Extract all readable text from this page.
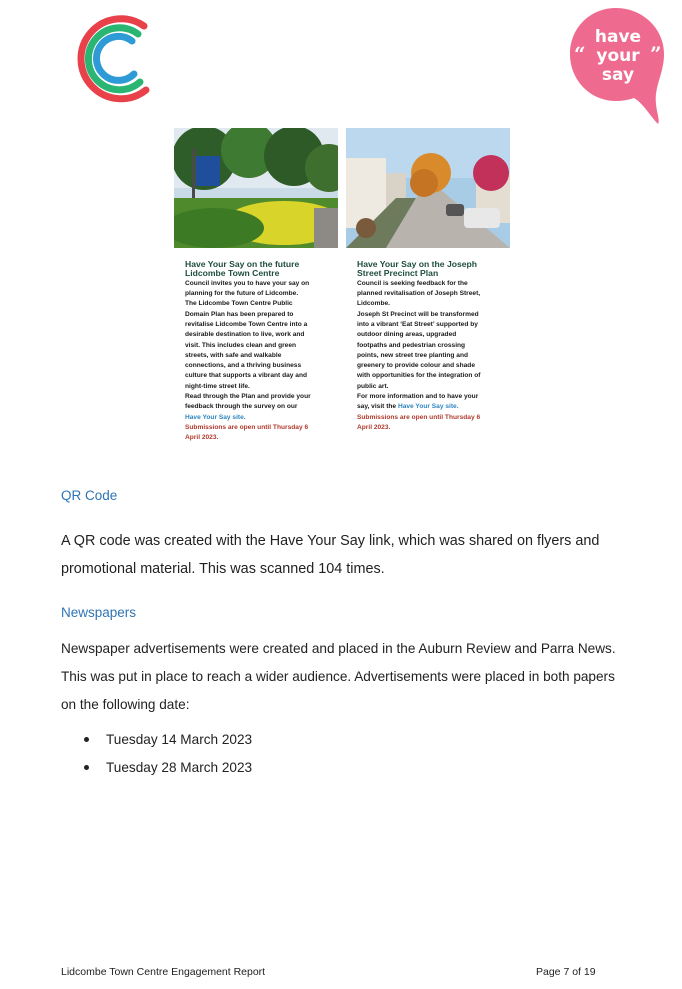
have
your
say
“	”
Have Your Say on the future
Lidcombe Town Centre
Council invites you to have your say on
planning for the future of Lidcombe.
The Lidcombe Town Centre Public
Domain Plan has been prepared to
revitalise Lidcombe Town Centre into a
desirable destination to live, work and
visit. This includes clean and green
streets, with safe and walkable
connections, and a thriving business
culture that supports a vibrant day and
night-time street life.
Read through the Plan and provide your
feedback through the survey on our
Have Your Say site.
Submissions are open until Thursday 6
April 2023.
Have Your Say on the Joseph
Street Precinct Plan
Council is seeking feedback for the
planned revitalisation of Joseph Street,
Lidcombe.
Joseph St Precinct will be transformed
into a vibrant ‘Eat Street’ supported by
outdoor dining areas, upgraded
footpaths and pedestrian crossing
points, new street tree planting and
greenery to provide colour and shade
with opportunities for the integration of
public art.
For more information and to have your
say, visit the Have Your Say site.
Submissions are open until Thursday 6
April 2023.
QR Code
A QR code was created with the Have Your Say link, which was shared on flyers and
promotional material. This was scanned 104 times.
Newspapers
Newspaper advertisements were created and placed in the Auburn Review and Parra News.
This was put in place to reach a wider audience. Advertisements were placed in both papers
on the following date:
Tuesday 14 March 2023
Tuesday 28 March 2023
Lidcombe Town Centre Engagement Report	Page 7 of 19
